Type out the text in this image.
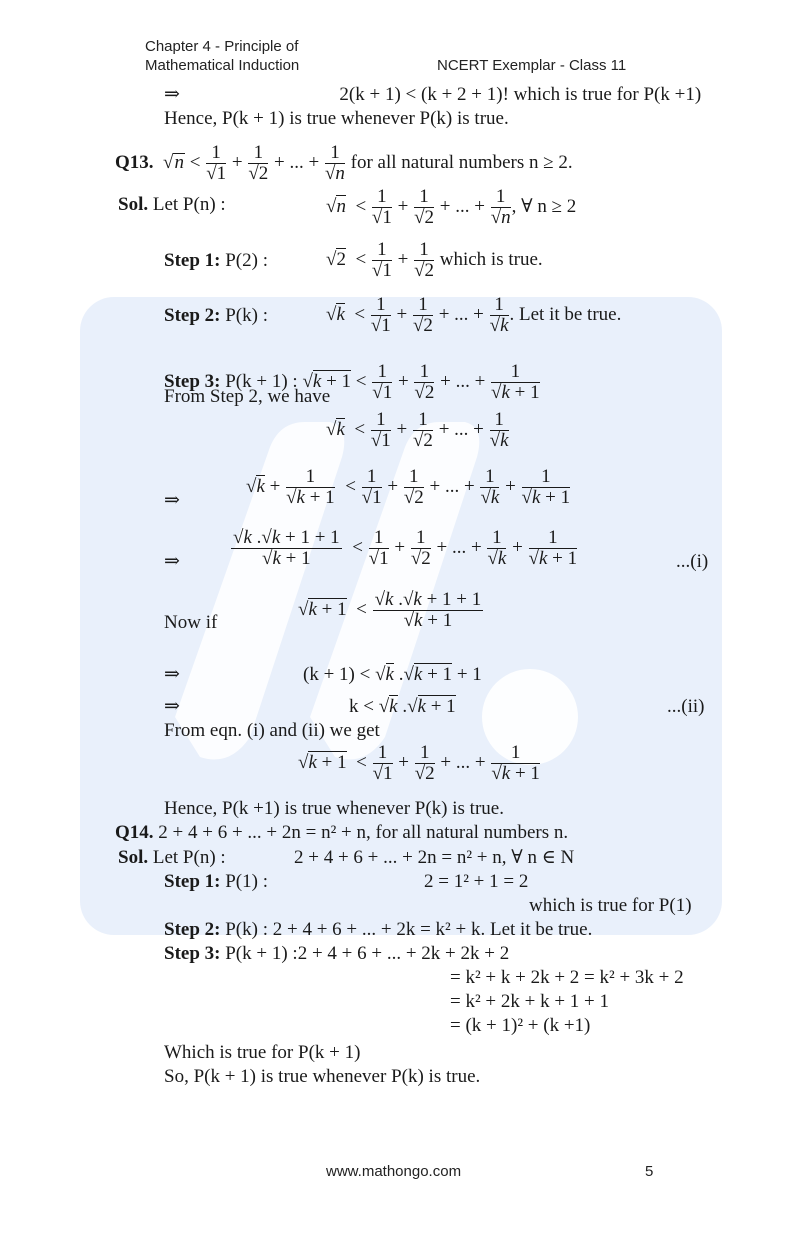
Chapter 4 - Principle of
Mathematical Induction	NCERT Exemplar - Class 11
⇒	2(k + 1) < (k + 2 + 1)! which is true for P(k +1)
Hence, P(k + 1) is true whenever P(k) is true.
Q13. $√n < \frac{1}{√1} + \frac{1}{√2}$ + ... + $\frac{1}{√n}$ for all natural numbers n ≥ 2.
Sol. Let P(n) :	$√n < \frac{1}{√1} + \frac{1}{√2}$ + ... + $\frac{1}{√n}$ , ∀ n ≥ 2
Step 1: P(2) :	$√2 < \frac{1}{√1} + \frac{1}{√2}$ which is true.
Step 2: P(k) :	$√k < \frac{1}{√1} + \frac{1}{√2}$ + ... + $\frac{1}{√k}$ . Let it be true.
Step 3: P(k + 1) : $√k + 1 < \frac{1}{√1} + \frac{1}{√2}$ + ... + $\frac{1}{√k + 1}$
From Step 2, we have
$√k < \frac{1}{√1} + \frac{1}{√2}$ + ... + $\frac{1}{√k}$
⇒
$√k + \frac{1}{√k + 1} < \frac{1}{√1} + \frac{1}{√2}$ + ... + $\frac{1}{√k} + \frac{1}{√k + 1}$
⇒	$\frac{√k .√k + 1 + 1}{√k + 1} < \frac{1}{√1} + \frac{1}{√2}$ + ... + $\frac{1}{√k} + \frac{1}{√k + 1}$	...(i)
Now if
$√k + 1 < \frac{√k .√k + 1 + 1}{√k + 1}$
⇒	(k + 1) < √k .√k + 1 + 1
⇒	k < √k .√k + 1	...(ii)
From eqn. (i) and (ii) we get
$√k + 1 < \frac{1}{√1} + \frac{1}{√2}$ + ... + $\frac{1}{√k + 1}$
Hence, P(k +1) is true whenever P(k) is true.
Q14. 2 + 4 + 6 + ... + 2n = n² + n, for all natural numbers n.
Sol. Let P(n) :	2 + 4 + 6 + ... + 2n = n² + n, ∀ n ∈ N
Step 1: P(1) :	2 = 1² + 1 = 2
which is true for P(1)
Step 2: P(k) : 2 + 4 + 6 + ... + 2k = k² + k. Let it be true.
Step 3: P(k + 1) :2 + 4 + 6 + ... + 2k + 2k + 2
= k² + k + 2k + 2 = k² + 3k + 2
= k² + 2k + k + 1 + 1
= (k + 1)² + (k +1)
Which is true for P(k + 1)
So, P(k + 1) is true whenever P(k) is true.
www.mathongo.com	5
